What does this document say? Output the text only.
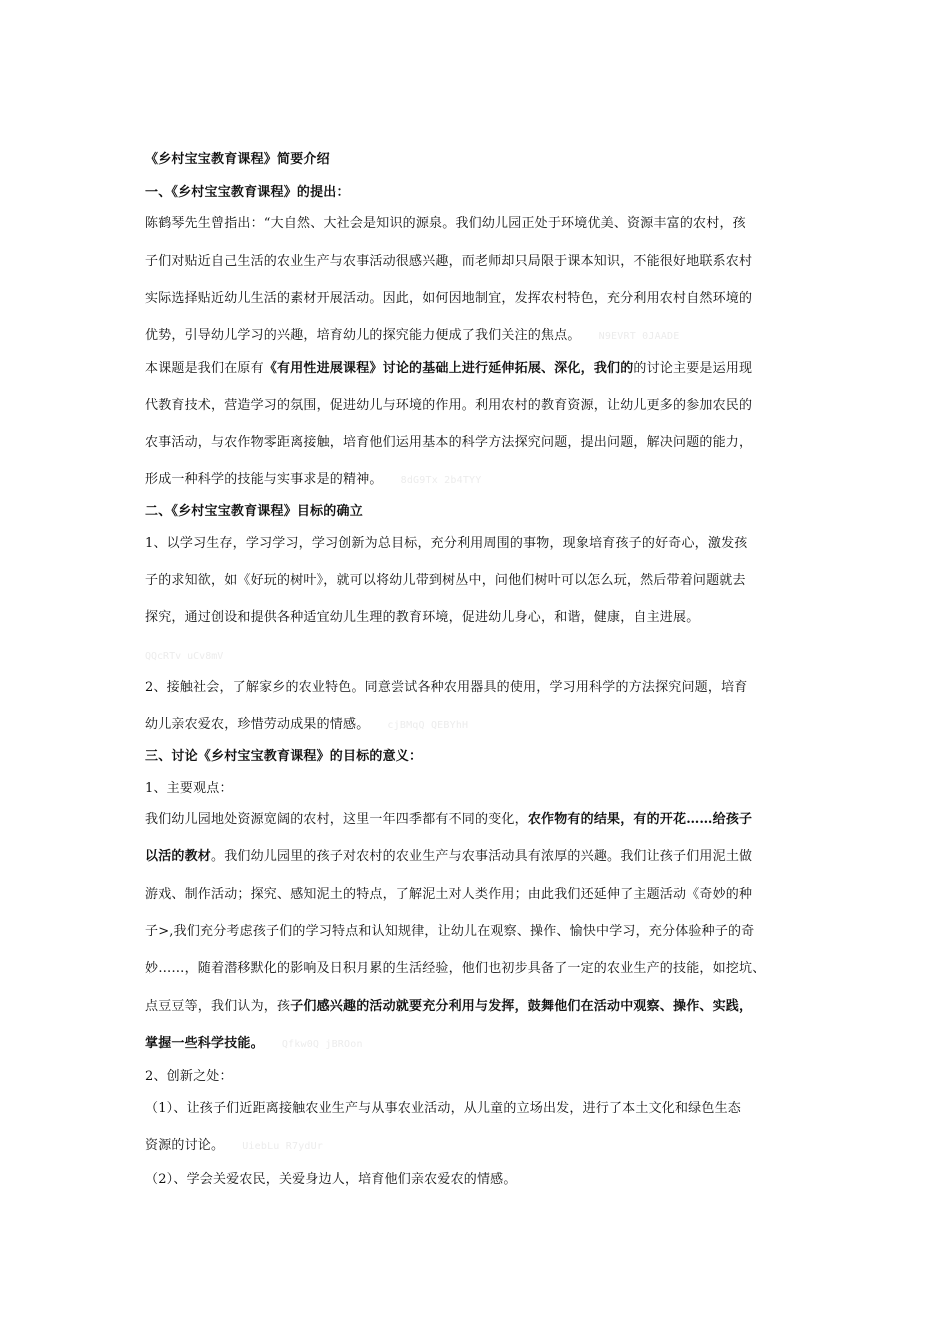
《乡村宝宝教育课程》简要介绍
一、《乡村宝宝教育课程》的提出：
陈鹤琴先生曾指出：“大自然、大社会是知识的源泉。我们幼儿园正处于环境优美、资源丰富的农村，孩
子们对贴近自己生活的农业生产与农事活动很感兴趣，而老师却只局限于课本知识，不能很好地联系农村
实际选择贴近幼儿生活的素材开展活动。因此，如何因地制宜，发挥农村特色，充分利用农村自然环境的
优势，引导幼儿学习的兴趣，培育幼儿的探究能力便成了我们关注的焦点。 N9EVRT 0JAADE
本课题是我们在原有《有用性进展课程》讨论的基础上进行延伸拓展、深化，我们的的讨论主要是运用现
代教育技术，营造学习的氛围，促进幼儿与环境的作用。利用农村的教育资源，让幼儿更多的参加农民的
农事活动，与农作物零距离接触，培育他们运用基本的科学方法探究问题，提出问题，解决问题的能力，
形成一种科学的技能与实事求是的精神。 8dG9Tx 2b4TYY
二、《乡村宝宝教育课程》目标的确立
1、以学习生存，学习学习，学习创新为总目标，充分利用周围的事物，现象培育孩子的好奇心，激发孩
子的求知欲，如《好玩的树叶》，就可以将幼儿带到树丛中，问他们树叶可以怎么玩，然后带着问题就去
探究，通过创设和提供各种适宜幼儿生理的教育环境，促进幼儿身心，和谐，健康，自主进展。
QQcRTv uCv8mV
2、接触社会，了解家乡的农业特色。同意尝试各种农用器具的使用，学习用科学的方法探究问题，培育
幼儿亲农爱农，珍惜劳动成果的情感。 cjBMqQ QEBYhH
三、讨论《乡村宝宝教育课程》的目标的意义：
1、主要观点：
我们幼儿园地处资源宽阔的农村，这里一年四季都有不同的变化，农作物有的结果，有的开花……给孩子
以活的教材。我们幼儿园里的孩子对农村的农业生产与农事活动具有浓厚的兴趣。我们让孩子们用泥土做
游戏、制作活动；探究、感知泥土的特点，了解泥土对人类作用；由此我们还延伸了主题活动《奇妙的种
子>,我们充分考虑孩子们的学习特点和认知规律，让幼儿在观察、操作、愉快中学习，充分体验种子的奇
妙……，随着潜移默化的影响及日积月累的生活经验，他们也初步具备了一定的农业生产的技能，如挖坑、
点豆豆等，我们认为，孩子们感兴趣的活动就要充分利用与发挥，鼓舞他们在活动中观察、操作、实践，
掌握一些科学技能。 Qfkw0Q jBROon
2、创新之处：
（1）、让孩子们近距离接触农业生产与从事农业活动，从儿童的立场出发，进行了本土文化和绿色生态
资源的讨论。 UiebLu R7ydUr
（2）、学会关爱农民，关爱身边人，培育他们亲农爱农的情感。
